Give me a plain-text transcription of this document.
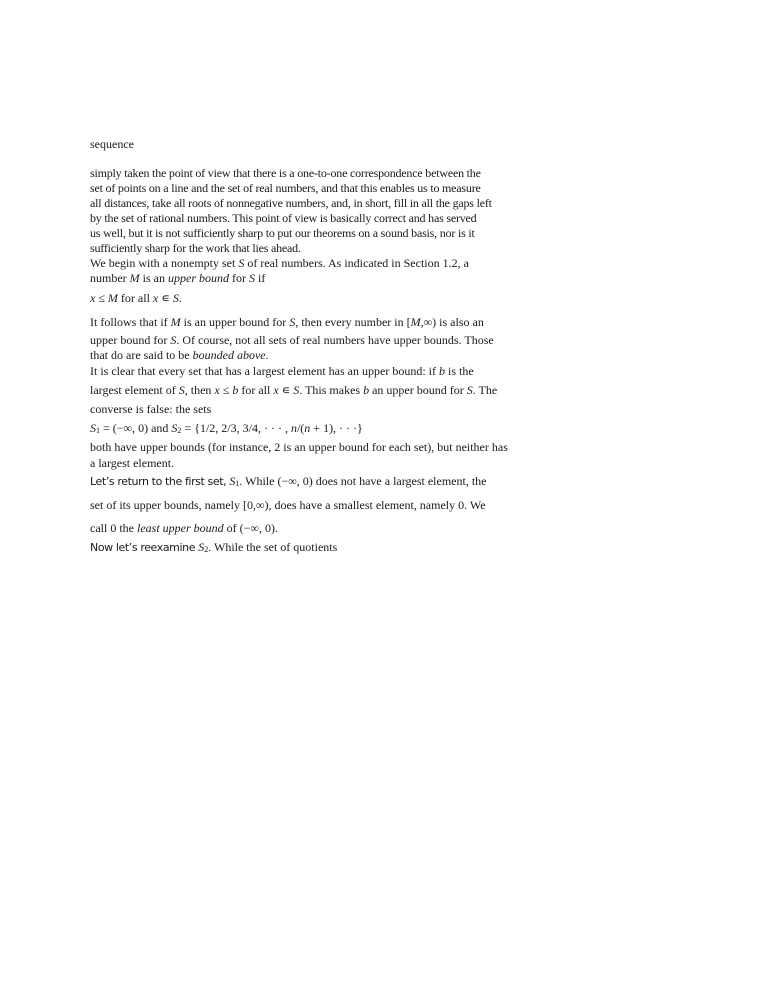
sequence
simply taken the point of view that there is a one-to-one correspondence between the
set of points on a line and the set of real numbers, and that this enables us to measure
all distances, take all roots of nonnegative numbers, and, in short, fill in all the gaps left
by the set of rational numbers. This point of view is basically correct and has served
us well, but it is not sufficiently sharp to put our theorems on a sound basis, nor is it
sufficiently sharp for the work that lies ahead.
We begin with a nonempty set S of real numbers. As indicated in Section 1.2, a
number M is an upper bound for S if
x ≤ M for all x ∊ S.
It follows that if M is an upper bound for S, then every number in [M,∞) is also an
upper bound for S. Of course, not all sets of real numbers have upper bounds. Those
that do are said to be bounded above.
It is clear that every set that has a largest element has an upper bound: if b is the
largest element of S, then x ≤ b for all x ∊ S. This makes b an upper bound for S. The
converse is false: the sets
$S_1$ = (−∞, 0) and $S_2 = \{1/2$, 2/3, 3/4, · · · , n/(n + 1), · · ·}
both have upper bounds (for instance, 2 is an upper bound for each set), but neither has
a largest element.
Let’s return to the first set, $S_1$. While (−∞, 0) does not have a largest element, the
set of its upper bounds, namely [0,∞), does have a smallest element, namely 0. We
call 0 the least upper bound of (−∞, 0).
Now let’s reexamine $S_2$. While the set of quotients
